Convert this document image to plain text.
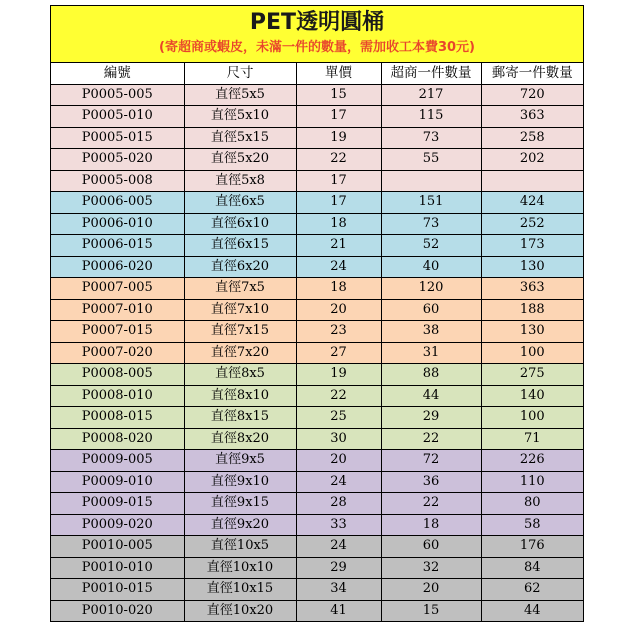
PET透明圓桶
(寄超商或蝦皮，未滿一件的數量，需加收工本費30元)
編號	尺寸	單價	超商一件數量	郵寄一件數量
P0005-005	直徑5x5	15	217	720
P0005-010	直徑5x10	17	115	363
P0005-015	直徑5x15	19	73	258
P0005-020	直徑5x20	22	55	202
P0005-008	直徑5x8	17		
P0006-005	直徑6x5	17	151	424
P0006-010	直徑6x10	18	73	252
P0006-015	直徑6x15	21	52	173
P0006-020	直徑6x20	24	40	130
P0007-005	直徑7x5	18	120	363
P0007-010	直徑7x10	20	60	188
P0007-015	直徑7x15	23	38	130
P0007-020	直徑7x20	27	31	100
P0008-005	直徑8x5	19	88	275
P0008-010	直徑8x10	22	44	140
P0008-015	直徑8x15	25	29	100
P0008-020	直徑8x20	30	22	71
P0009-005	直徑9x5	20	72	226
P0009-010	直徑9x10	24	36	110
P0009-015	直徑9x15	28	22	80
P0009-020	直徑9x20	33	18	58
P0010-005	直徑10x5	24	60	176
P0010-010	直徑10x10	29	32	84
P0010-015	直徑10x15	34	20	62
P0010-020	直徑10x20	41	15	44
